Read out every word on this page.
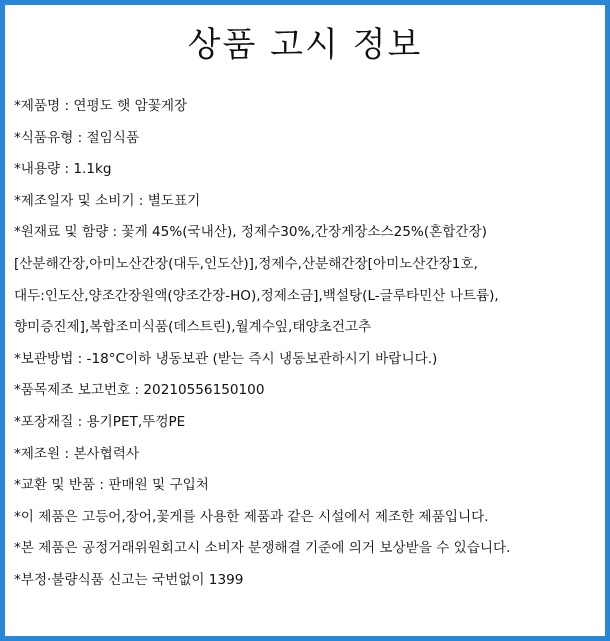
상품 고시 정보
*제품명 : 연평도 햇 암꽃게장
*식품유형 : 절임식품
*내용량 : 1.1kg
*제조일자 및 소비기 : 별도표기
*원재료 및 함량 : 꽃게 45%(국내산), 정제수30%,간장게장소스25%(혼합간장)
[산분해간장,아미노산간장(대두,인도산)],정제수,산분해간장[아미노산간장1호,
대두:인도산,양조간장원액(양조간장-HO),정제소금],백설탕(L-글루타민산 나트륨),
향미증진제],복합조미식품(데스트린),월계수잎,태양초건고추
*보관방법 : -18°C이하 냉동보관 (받는 즉시 냉동보관하시기 바랍니다.)
*품목제조 보고번호 : 20210556150100
*포장재질 : 용기PET,뚜껑PE
*제조원 : 본사협력사
*교환 및 반품 : 판매원 및 구입처
*이 제품은 고등어,장어,꽃게를 사용한 제품과 같은 시설에서 제조한 제품입니다.
*본 제품은 공정거래위원회고시 소비자 분쟁해결 기준에 의거 보상받을 수 있습니다.
*부정·불량식품 신고는 국번없이 1399
